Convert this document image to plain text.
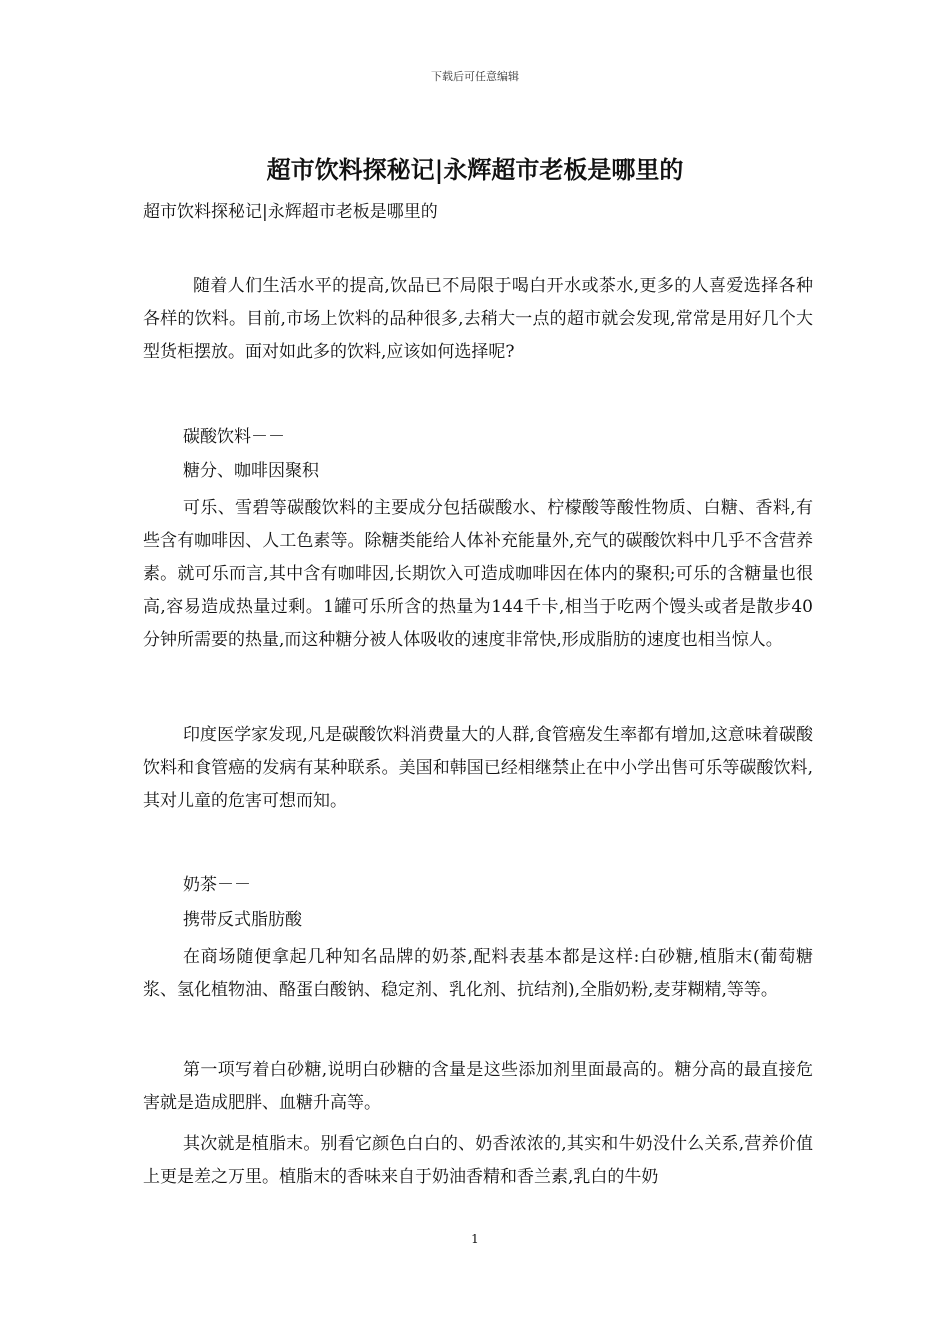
下载后可任意编辑
超市饮料探秘记|永辉超市老板是哪里的
超市饮料探秘记|永辉超市老板是哪里的

随着人们生活水平的提高,饮品已不局限于喝白开水或茶水,更多的人喜爱选择各种各样的饮料。目前,市场上饮料的品种很多,去稍大一点的超市就会发现,常常是用好几个大型货柜摆放。面对如此多的饮料,应该如何选择呢?

碳酸饮料－－
糖分、咖啡因聚积

可乐、雪碧等碳酸饮料的主要成分包括碳酸水、柠檬酸等酸性物质、白糖、香料,有些含有咖啡因、人工色素等。除糖类能给人体补充能量外,充气的碳酸饮料中几乎不含营养素。就可乐而言,其中含有咖啡因,长期饮入可造成咖啡因在体内的聚积;可乐的含糖量也很高,容易造成热量过剩。1罐可乐所含的热量为144千卡,相当于吃两个馒头或者是散步40分钟所需要的热量,而这种糖分被人体吸收的速度非常快,形成脂肪的速度也相当惊人。

印度医学家发现,凡是碳酸饮料消费量大的人群,食管癌发生率都有增加,这意味着碳酸饮料和食管癌的发病有某种联系。美国和韩国已经相继禁止在中小学出售可乐等碳酸饮料,其对儿童的危害可想而知。

奶茶－－
携带反式脂肪酸

在商场随便拿起几种知名品牌的奶茶,配料表基本都是这样:白砂糖,植脂末(葡萄糖浆、氢化植物油、酪蛋白酸钠、稳定剂、乳化剂、抗结剂),全脂奶粉,麦芽糊精,等等。

第一项写着白砂糖,说明白砂糖的含量是这些添加剂里面最高的。糖分高的最直接危害就是造成肥胖、血糖升高等。

其次就是植脂末。别看它颜色白白的、奶香浓浓的,其实和牛奶没什么关系,营养价值上更是差之万里。植脂末的香味来自于奶油香精和香兰素,乳白的牛奶

1
